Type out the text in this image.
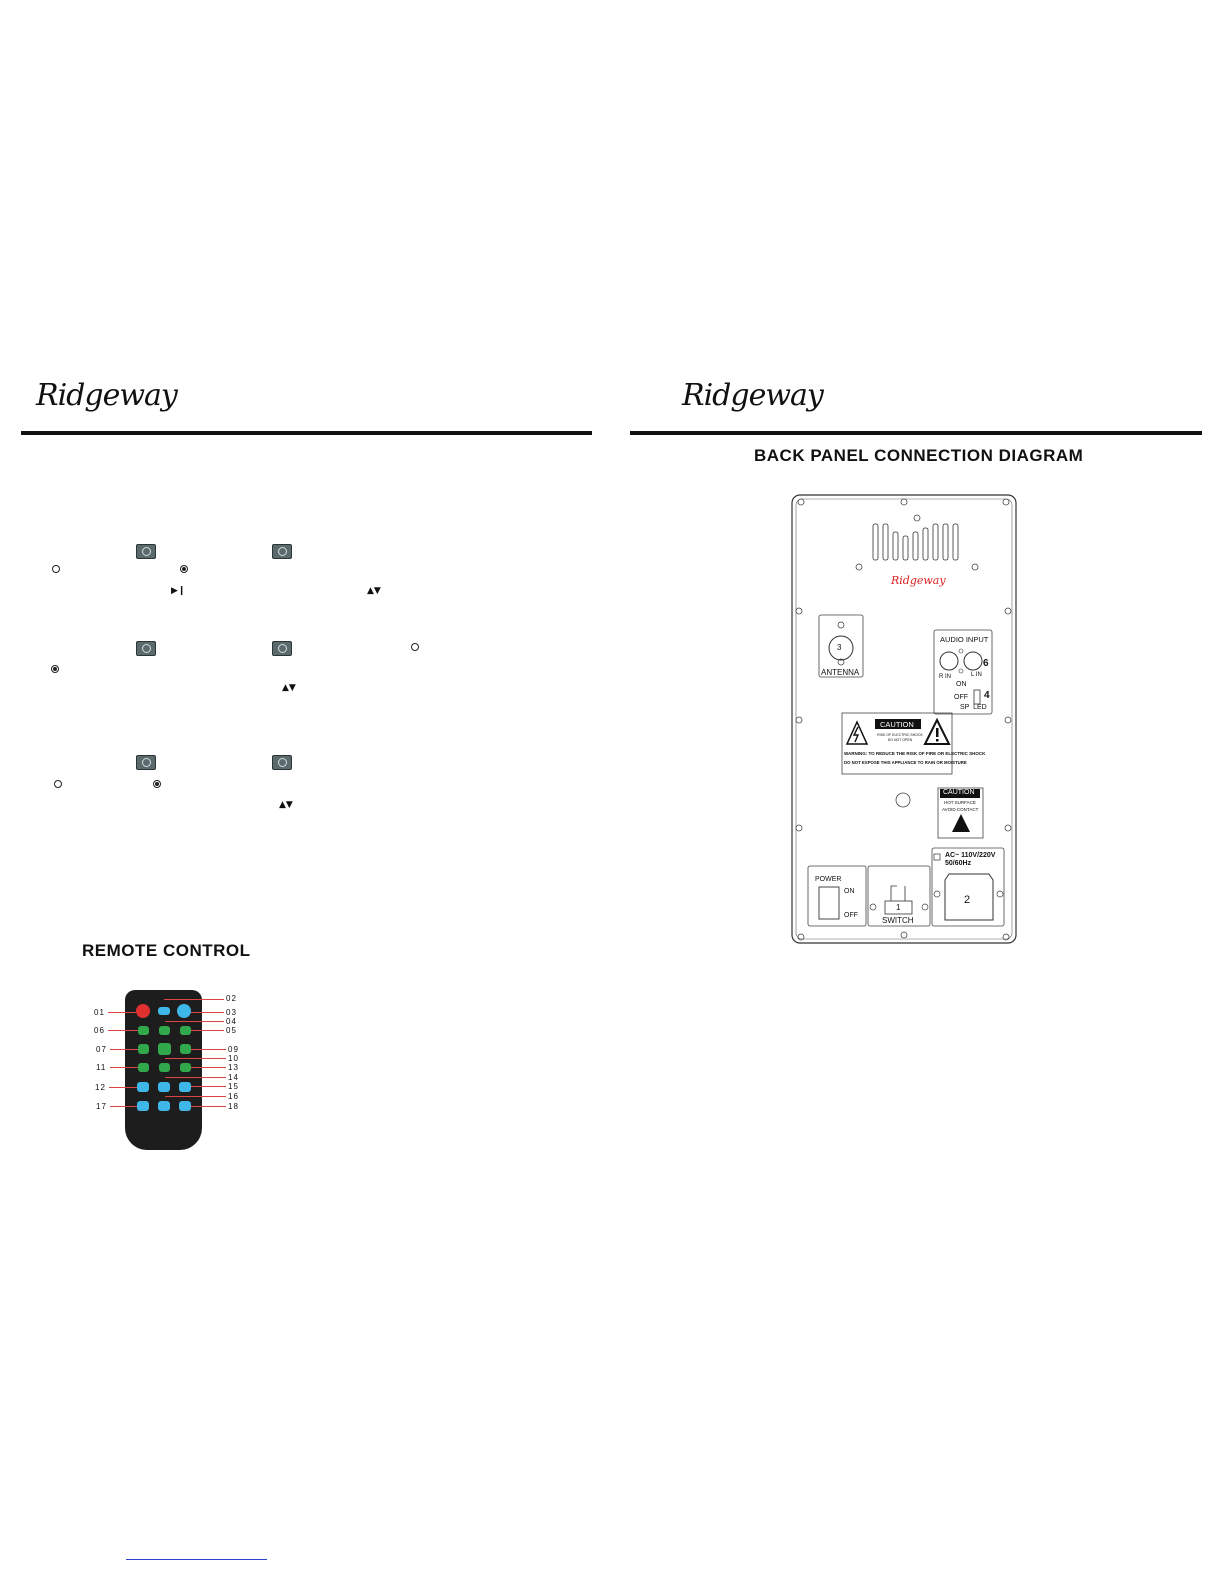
Ridgeway
▶❙	▲▼
▲▼
▲▼
REMOTE CONTROL
01
06
07
11
12
17
02
03
04
05
09
10
13
14
15
16
18
Ridgeway
BACK PANEL CONNECTION DIAGRAM
Ridgeway
3
ANTENNA
AUDIO INPUT
6
R IN	L IN
ON
OFF 4
SP  LED
CAUTION
RISK OF ELECTRIC SHOCK
DO NOT OPEN
WARNING: TO REDUCE THE RISK OF FIRE OR ELECTRIC SHOCK
DO NOT EXPOSE THIS APPLIANCE TO RAIN OR MOISTURE
CAUTION
HOT SURFACE
AVOID CONTACT
POWER
ON
OFF
1
SWITCH
AC~ 110V/220V
50/60Hz
2
